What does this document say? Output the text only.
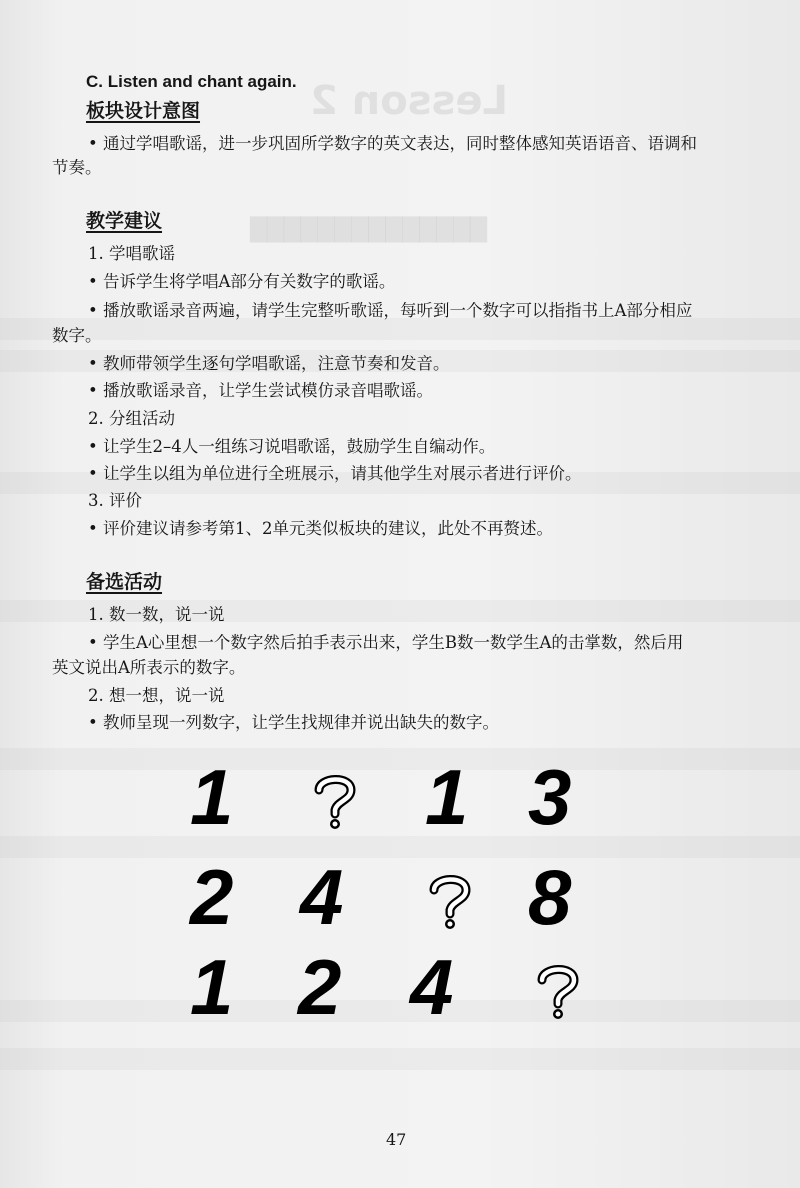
Lesson 2
██████████████
C. Listen and chant again.
板块设计意图
• 通过学唱歌谣，进一步巩固所学数字的英文表达，同时整体感知英语语音、语调和
节奏。
教学建议
1. 学唱歌谣
• 告诉学生将学唱A部分有关数字的歌谣。
• 播放歌谣录音两遍，请学生完整听歌谣，每听到一个数字可以指指书上A部分相应
数字。
• 教师带领学生逐句学唱歌谣，注意节奏和发音。
• 播放歌谣录音，让学生尝试模仿录音唱歌谣。
2. 分组活动
• 让学生2–4人一组练习说唱歌谣，鼓励学生自编动作。
• 让学生以组为单位进行全班展示，请其他学生对展示者进行评价。
3. 评价
• 评价建议请参考第1、2单元类似板块的建议，此处不再赘述。
备选活动
1. 数一数，说一说
• 学生A心里想一个数字然后拍手表示出来，学生B数一数学生A的击掌数，然后用
英文说出A所表示的数字。
2. 想一想，说一说
• 教师呈现一列数字，让学生找规律并说出缺失的数字。
1 1 3
2 4 8
1 2 4
47
